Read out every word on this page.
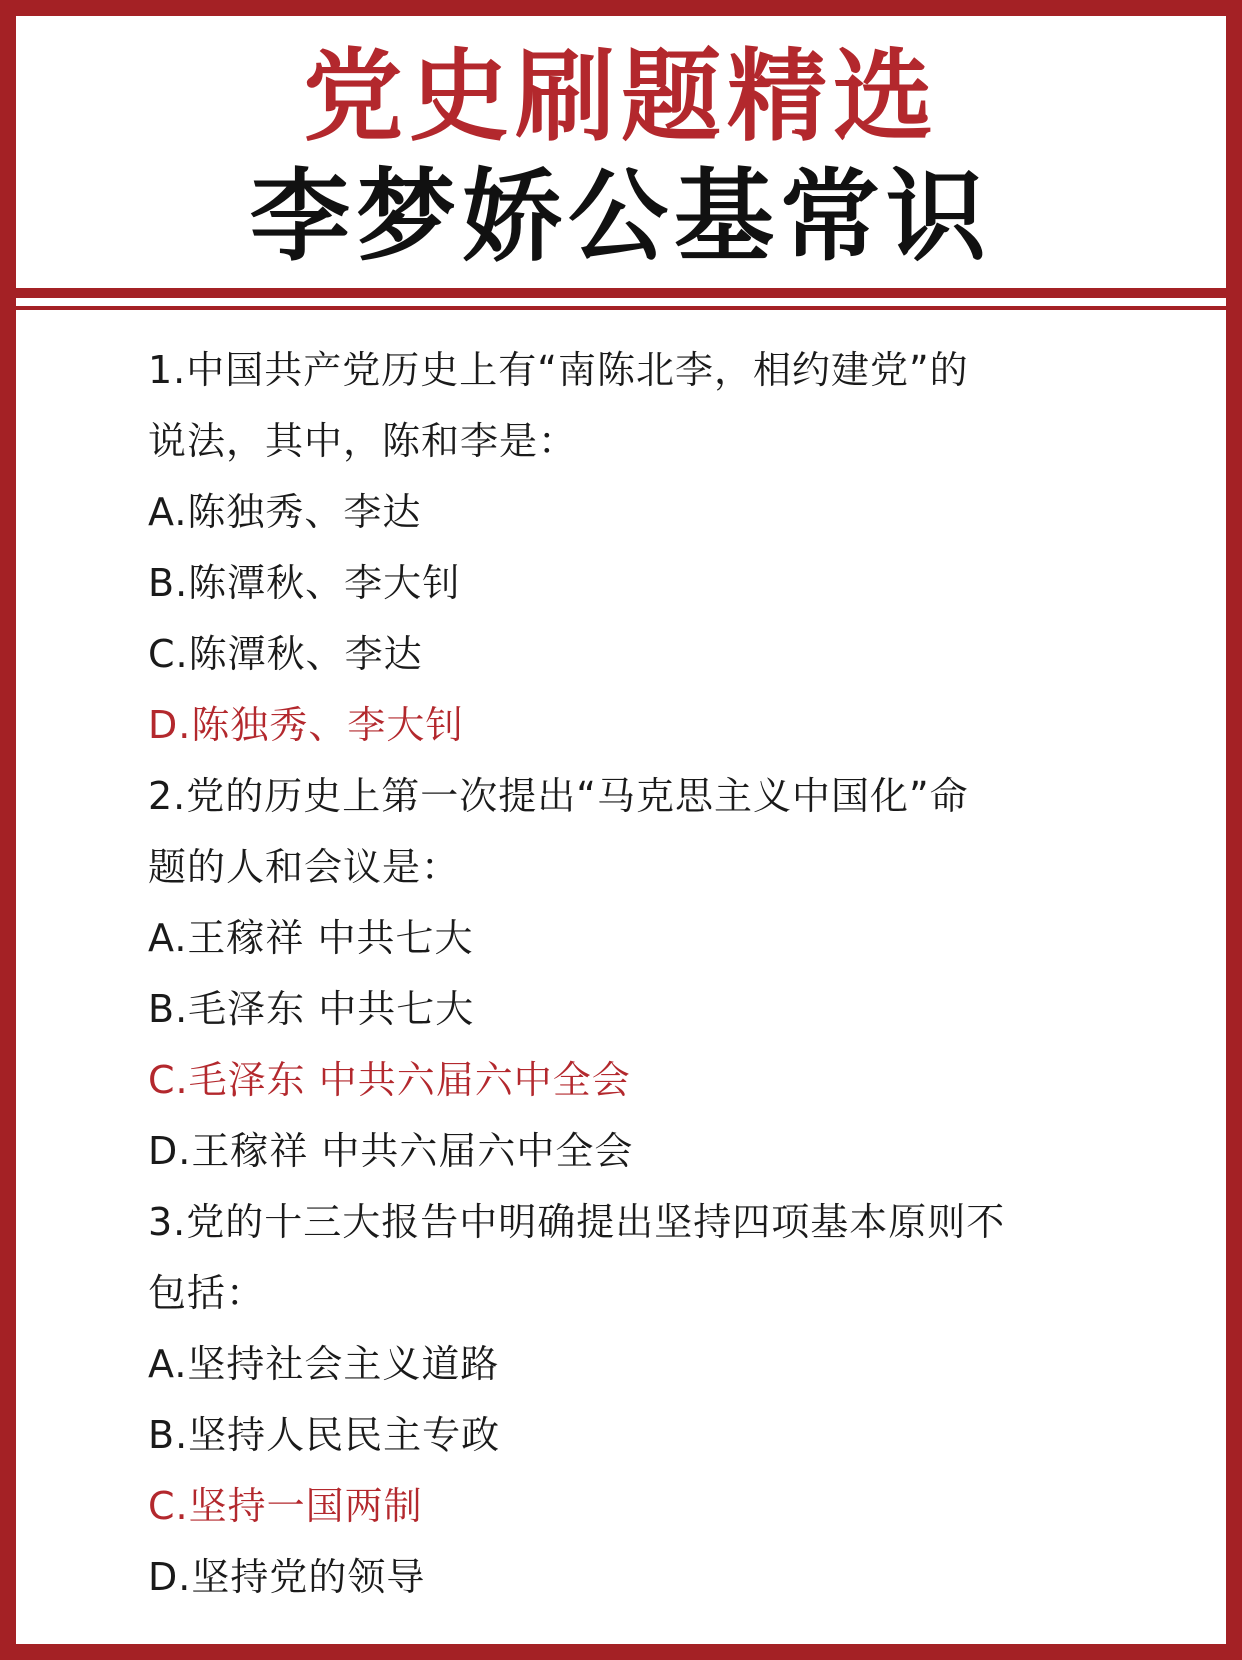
党史刷题精选
李梦娇公基常识
1.中国共产党历史上有“南陈北李，相约建党”的
说法，其中，陈和李是：
A.陈独秀、李达
B.陈潭秋、李大钊
C.陈潭秋、李达
D.陈独秀、李大钊
2.党的历史上第一次提出“马克思主义中国化”命
题的人和会议是：
A.王稼祥 中共七大
B.毛泽东 中共七大
C.毛泽东 中共六届六中全会
D.王稼祥 中共六届六中全会
3.党的十三大报告中明确提出坚持四项基本原则不
包括：
A.坚持社会主义道路
B.坚持人民民主专政
C.坚持一国两制
D.坚持党的领导
